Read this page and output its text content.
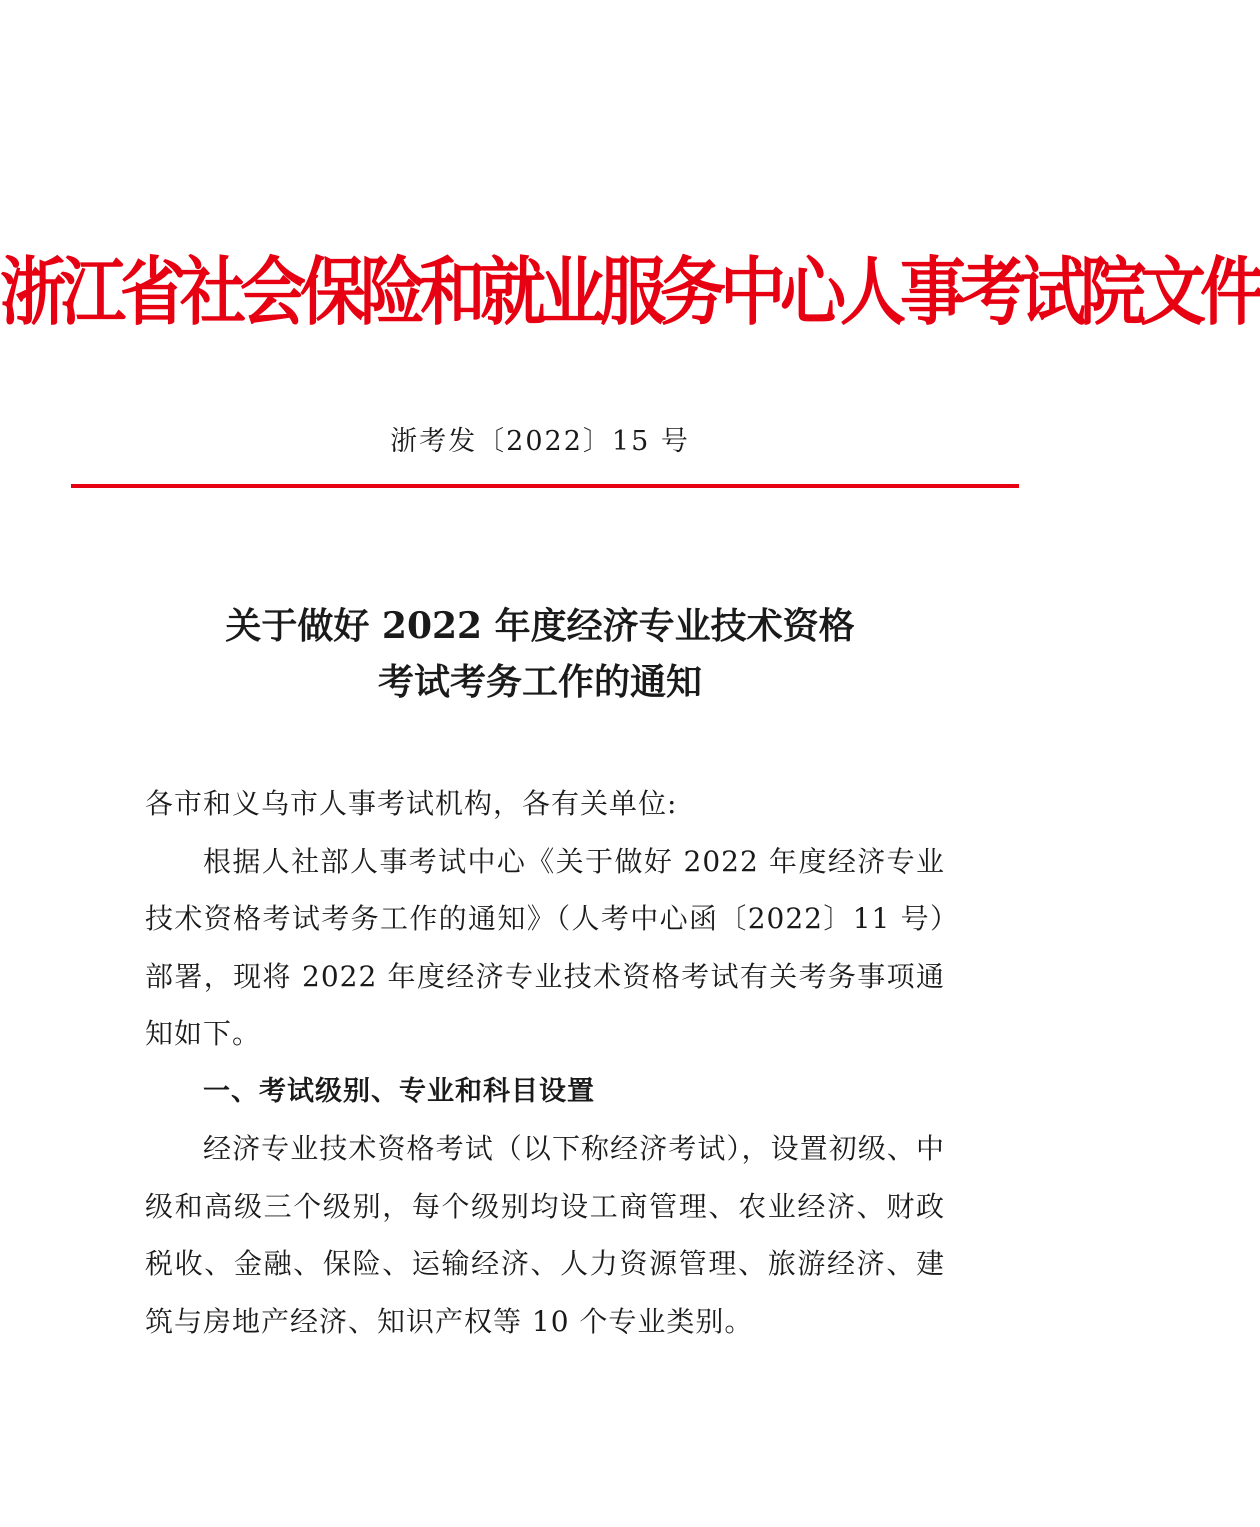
浙江省社会保险和就业服务中心人事考试院文件
浙考发〔2022〕15 号
关于做好 2022 年度经济专业技术资格
考试考务工作的通知

各市和义乌市人事考试机构，各有关单位:

根据人社部人事考试中心《关于做好 2022 年度经济专业技术资格考试考务工作的通知》（人考中心函〔2022〕11 号）部署，现将 2022 年度经济专业技术资格考试有关考务事项通知如下。

一、考试级别、专业和科目设置

经济专业技术资格考试（以下称经济考试），设置初级、中级和高级三个级别，每个级别均设工商管理、农业经济、财政税收、金融、保险、运输经济、人力资源管理、旅游经济、建筑与房地产经济、知识产权等 10 个专业类别。
